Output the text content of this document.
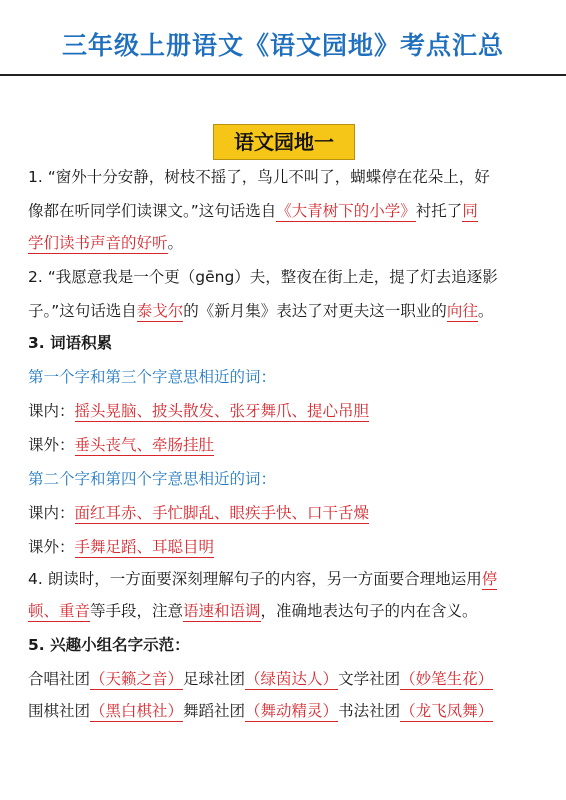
三年级上册语文《语文园地》考点汇总
语文园地一
1. “窗外十分安静，树枝不摇了，鸟儿不叫了，蝴蝶停在花朵上，好
像都在听同学们读课文。”这句话选自《大青树下的小学》衬托了同
学们读书声音的好听。
2. “我愿意我是一个更（gēng）夫，整夜在街上走，提了灯去追逐影
子。”这句话选自泰戈尔的《新月集》表达了对更夫这一职业的向往。
3. 词语积累
第一个字和第三个字意思相近的词：
课内：摇头晃脑、披头散发、张牙舞爪、提心吊胆
课外：垂头丧气、牵肠挂肚
第二个字和第四个字意思相近的词：
课内：面红耳赤、手忙脚乱、眼疾手快、口干舌燥
课外：手舞足蹈、耳聪目明
4. 朗读时，一方面要深刻理解句子的内容，另一方面要合理地运用停
顿、重音等手段，注意语速和语调，准确地表达句子的内在含义。
5. 兴趣小组名字示范：
合唱社团（天籁之音）足球社团（绿茵达人）文学社团（妙笔生花）
围棋社团（黑白棋社）舞蹈社团（舞动精灵）书法社团（龙飞凤舞）
